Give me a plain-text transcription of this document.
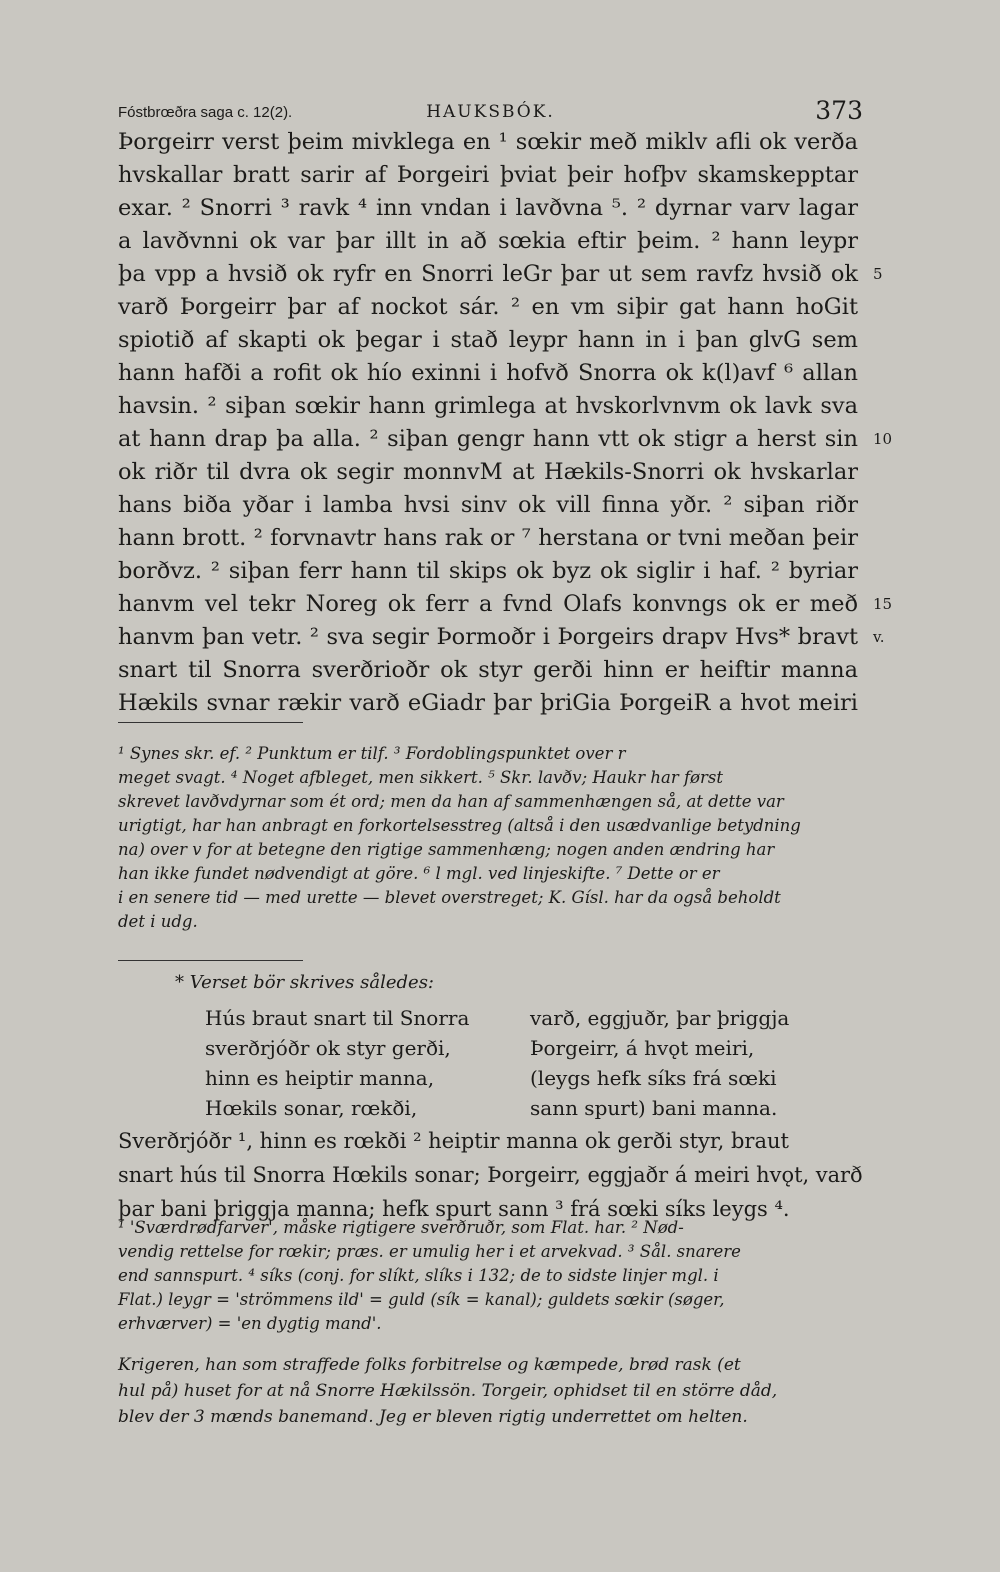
Fóstbrœðra saga c. 12(2).	HAUKSBÓK.	373
Þorgeirr verst þeim mivklega en ¹ sœkir með miklv afli ok verða
hvskallar bratt sarir af Þorgeiri þviat þeir hofþv skamskepptar
exar. ² Snorri ³ ravk ⁴ inn vndan i lavðvna ⁵. ² dyrnar varv lagar
a lavðvnni ok var þar illt in að sœkia eftir þeim. ² hann leypr
þa vpp a hvsið ok ryfr en Snorri leGr þar ut sem ravfz hvsið ok 5
varð Þorgeirr þar af nockot sár. ² en vm siþir gat hann hoGit
spiotið af skapti ok þegar i stað leypr hann in i þan glvG sem
hann hafði a rofit ok hío exinni i hofvð Snorra ok k(l)avf ⁶ allan
havsin. ² siþan sœkir hann grimlega at hvskorlvnvm ok lavk sva
at hann drap þa alla. ² siþan gengr hann vtt ok stigr a herst sin 10
ok riðr til dvra ok segir monnvM at Hækils-Snorri ok hvskarlar
hans biða yðar i lamba hvsi sinv ok vill finna yðr. ² siþan riðr
hann brott. ² forvnavtr hans rak or ⁷ herstana or tvni meðan þeir
borðvz. ² siþan ferr hann til skips ok byz ok siglir i haf. ² byriar
hanvm vel tekr Noreg ok ferr a fvnd Olafs konvngs ok er með 15
hanvm þan vetr. ² sva segir Þormoðr i Þorgeirs drapv Hvs* bravt v.
snart til Snorra sverðrioðr ok styr gerði hinn er heiftir manna
Hækils svnar rækir varð eGiadr þar þriGia ÞorgeiR a hvot meiri
¹ Synes skr. ef. ² Punktum er tilf. ³ Fordoblingspunktet over r
meget svagt. ⁴ Noget afbleget, men sikkert. ⁵ Skr. lavðv; Haukr har først
skrevet lavðvdyrnar som ét ord; men da han af sammenhængen så, at dette var
urigtigt, har han anbragt en forkortelsesstreg (altså i den usædvanlige betydning
na) over v for at betegne den rigtige sammenhæng; nogen anden ændring har
han ikke fundet nødvendigt at göre. ⁶ l mgl. ved linjeskifte. ⁷ Dette or er
i en senere tid — med urette — blevet overstreget; K. Gísl. har da også beholdt
det i udg.
* Verset bör skrives således:
Hús braut snart til Snorra
sverðrjóðr ok styr gerði,
hinn es heiptir manna,
Hœkils sonar, rœkði,
varð, eggjuðr, þar þriggja
Þorgeirr, á hvǫt meiri,
(leygs hefk síks frá sœki
sann spurt) bani manna.
Sverðrjóðr ¹, hinn es rœkði ² heiptir manna ok gerði styr, braut
snart hús til Snorra Hœkils sonar; Þorgeirr, eggjaðr á meiri hvǫt, varð
þar bani þriggja manna; hefk spurt sann ³ frá sœki síks leygs ⁴.
¹ 'Sværdrødfarver', måske rigtigere sverðruðr, som Flat. har. ² Nød-
vendig rettelse for rœkir; præs. er umulig her i et arvekvad. ³ Sål. snarere
end sannspurt. ⁴ síks (conj. for slíkt, slíks i 132; de to sidste linjer mgl. i
Flat.) leygr = 'strömmens ild' = guld (sík = kanal); guldets sœkir (søger,
erhværver) = 'en dygtig mand'.
Krigeren, han som straffede folks forbitrelse og kæmpede, brød rask (et
hul på) huset for at nå Snorre Hækilssön. Torgeir, ophidset til en större dåd,
blev der 3 mænds banemand. Jeg er bleven rigtig underrettet om helten.
